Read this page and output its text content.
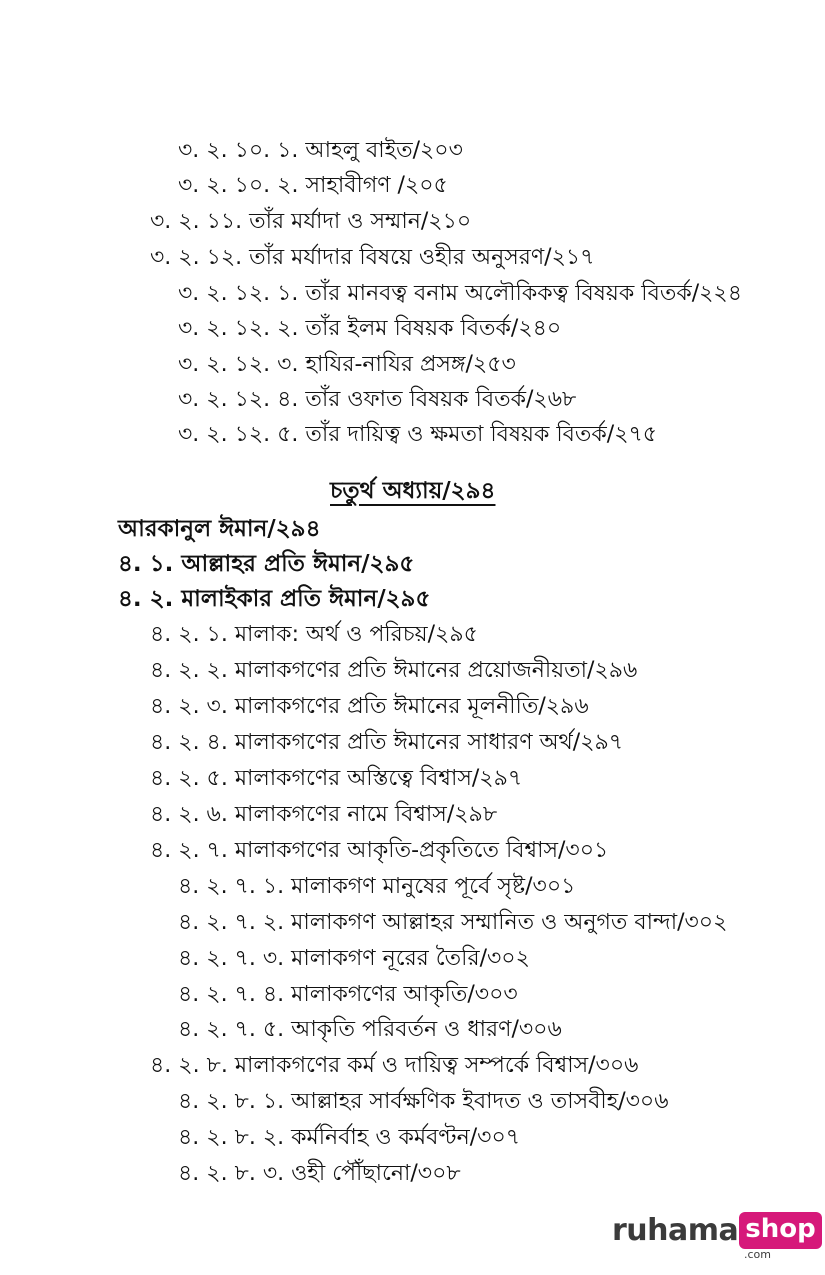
৩. ২. ১০. ১. আহলু বাইত/২০৩
৩. ২. ১০. ২. সাহাবীগণ /২০৫
৩. ২. ১১. তাঁর মর্যাদা ও সম্মান/২১০
৩. ২. ১২. তাঁর মর্যাদার বিষয়ে ওহীর অনুসরণ/২১৭
৩. ২. ১২. ১. তাঁর মানবত্ব বনাম অলৌকিকত্ব বিষয়ক বিতর্ক/২২৪
৩. ২. ১২. ২. তাঁর ইলম বিষয়ক বিতর্ক/২৪০
৩. ২. ১২. ৩. হাযির-নাযির প্রসঙ্গ/২৫৩
৩. ২. ১২. ৪. তাঁর ওফাত বিষয়ক বিতর্ক/২৬৮
৩. ২. ১২. ৫. তাঁর দায়িত্ব ও ক্ষমতা বিষয়ক বিতর্ক/২৭৫
চতুর্থ অধ্যায়/২৯৪
আরকানুল ঈমান/২৯৪
৪. ১. আল্লাহর প্রতি ঈমান/২৯৫
৪. ২. মালাইকার প্রতি ঈমান/২৯৫
৪. ২. ১. মালাক: অর্থ ও পরিচয়/২৯৫
৪. ২. ২. মালাকগণের প্রতি ঈমানের প্রয়োজনীয়তা/২৯৬
৪. ২. ৩. মালাকগণের প্রতি ঈমানের মূলনীতি/২৯৬
৪. ২. ৪. মালাকগণের প্রতি ঈমানের সাধারণ অর্থ/২৯৭
৪. ২. ৫. মালাকগণের অস্তিত্বে বিশ্বাস/২৯৭
৪. ২. ৬. মালাকগণের নামে বিশ্বাস/২৯৮
৪. ২. ৭. মালাকগণের আকৃতি-প্রকৃতিতে বিশ্বাস/৩০১
৪. ২. ৭. ১. মালাকগণ মানুষের পূর্বে সৃষ্ট/৩০১
৪. ২. ৭. ২. মালাকগণ আল্লাহর সম্মানিত ও অনুগত বান্দা/৩০২
৪. ২. ৭. ৩. মালাকগণ নূরের তৈরি/৩০২
৪. ২. ৭. ৪. মালাকগণের আকৃতি/৩০৩
৪. ২. ৭. ৫. আকৃতি পরিবর্তন ও ধারণ/৩০৬
৪. ২. ৮. মালাকগণের কর্ম ও দায়িত্ব সম্পর্কে বিশ্বাস/৩০৬
৪. ২. ৮. ১. আল্লাহর সার্বক্ষণিক ইবাদত ও তাসবীহ/৩০৬
৪. ২. ৮. ২. কর্মনির্বাহ ও কর্মবণ্টন/৩০৭
৪. ২. ৮. ৩. ওহী পৌঁছানো/৩০৮
ruhama shop
.com
